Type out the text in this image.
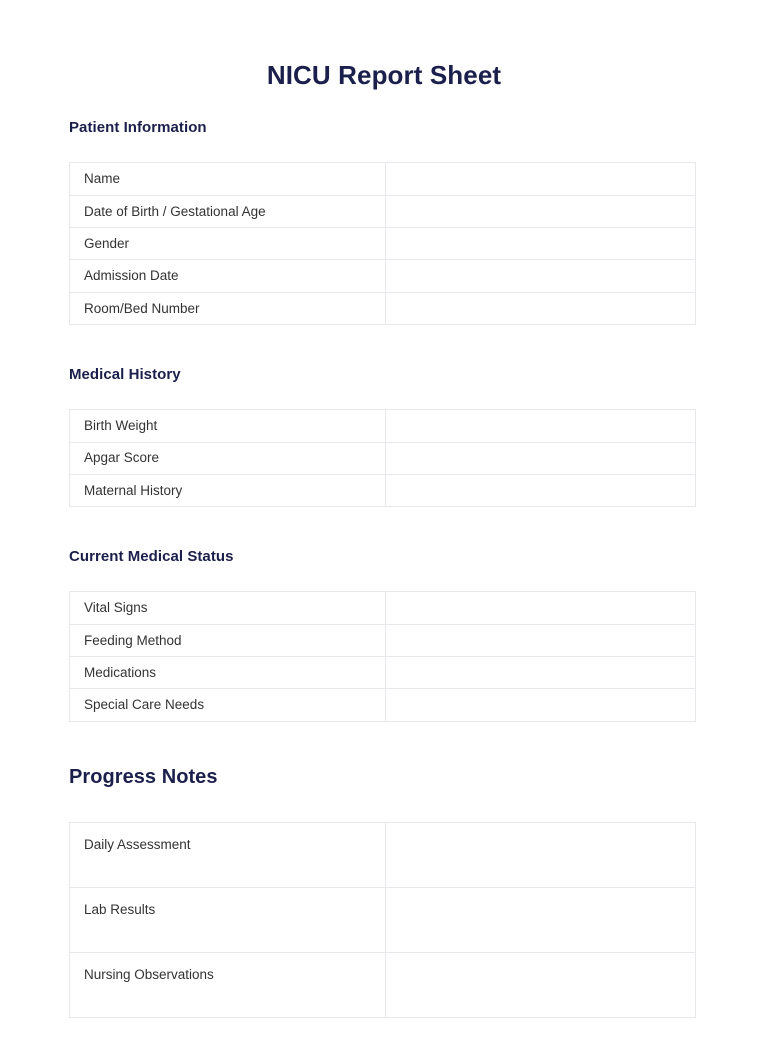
NICU Report Sheet
Patient Information
Name	
Date of Birth / Gestational Age	
Gender	
Admission Date	
Room/Bed Number	
Medical History
Birth Weight	
Apgar Score	
Maternal History	
Current Medical Status
Vital Signs	
Feeding Method	
Medications	
Special Care Needs	
Progress Notes
Daily Assessment	
Lab Results	
Nursing Observations	
